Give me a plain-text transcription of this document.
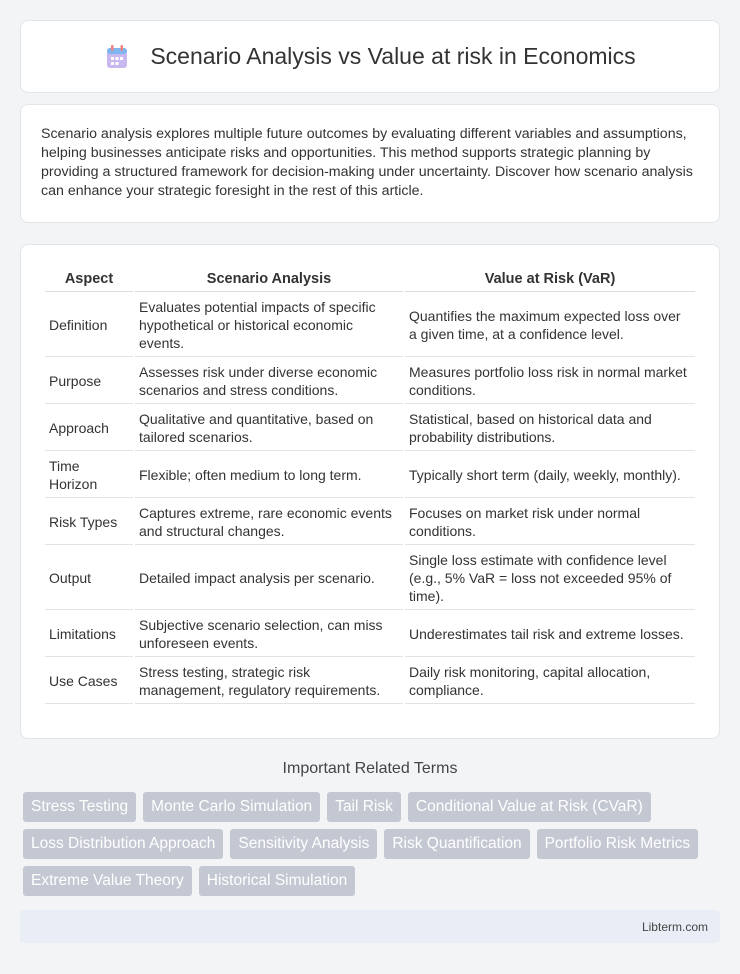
Scenario Analysis vs Value at risk in Economics

Scenario analysis explores multiple future outcomes by evaluating different variables and assumptions, helping businesses anticipate risks and opportunities. This method supports strategic planning by providing a structured framework for decision-making under uncertainty. Discover how scenario analysis can enhance your strategic foresight in the rest of this article.

Aspect	Scenario Analysis	Value at Risk (VaR)
Definition	Evaluates potential impacts of specific hypothetical or historical economic events.	Quantifies the maximum expected loss over a given time, at a confidence level.
Purpose	Assesses risk under diverse economic scenarios and stress conditions.	Measures portfolio loss risk in normal market conditions.
Approach	Qualitative and quantitative, based on tailored scenarios.	Statistical, based on historical data and probability distributions.
Time Horizon	Flexible; often medium to long term.	Typically short term (daily, weekly, monthly).
Risk Types	Captures extreme, rare economic events and structural changes.	Focuses on market risk under normal conditions.
Output	Detailed impact analysis per scenario.	Single loss estimate with confidence level (e.g., 5% VaR = loss not exceeded 95% of time).
Limitations	Subjective scenario selection, can miss unforeseen events.	Underestimates tail risk and extreme losses.
Use Cases	Stress testing, strategic risk management, regulatory requirements.	Daily risk monitoring, capital allocation, compliance.
Important Related Terms
Stress Testing	Monte Carlo Simulation	Tail Risk	Conditional Value at Risk (CVaR)
Loss Distribution Approach	Sensitivity Analysis	Risk Quantification	Portfolio Risk Metrics
Extreme Value Theory	Historical Simulation
Libterm.com
